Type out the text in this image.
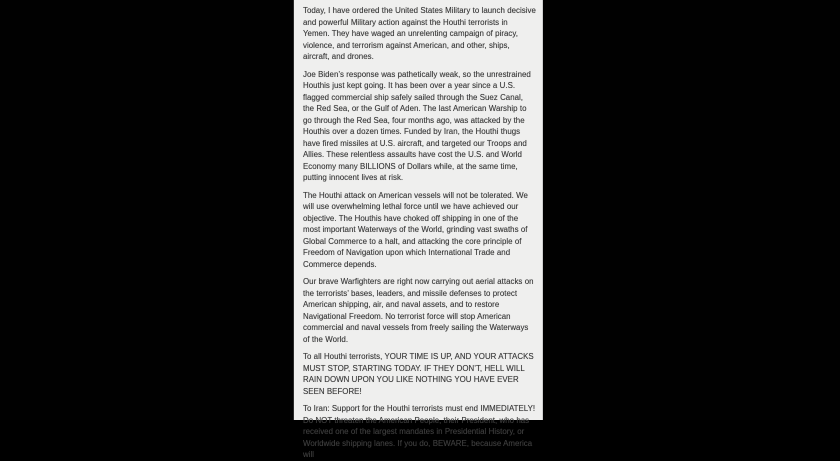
Today, I have ordered the United States Military to launch decisive and powerful Military action against the Houthi terrorists in Yemen. They have waged an unrelenting campaign of piracy, violence, and terrorism against American, and other, ships, aircraft, and drones.

Joe Biden’s response was pathetically weak, so the unrestrained Houthis just kept going. It has been over a year since a U.S. flagged commercial ship safely sailed through the Suez Canal, the Red Sea, or the Gulf of Aden. The last American Warship to go through the Red Sea, four months ago, was attacked by the Houthis over a dozen times. Funded by Iran, the Houthi thugs have fired missiles at U.S. aircraft, and targeted our Troops and Allies. These relentless assaults have cost the U.S. and World Economy many BILLIONS of Dollars while, at the same time, putting innocent lives at risk.

The Houthi attack on American vessels will not be tolerated. We will use overwhelming lethal force until we have achieved our objective. The Houthis have choked off shipping in one of the most important Waterways of the World, grinding vast swaths of Global Commerce to a halt, and attacking the core principle of Freedom of Navigation upon which International Trade and Commerce depends.

Our brave Warfighters are right now carrying out aerial attacks on the terrorists’ bases, leaders, and missile defenses to protect American shipping, air, and naval assets, and to restore Navigational Freedom. No terrorist force will stop American commercial and naval vessels from freely sailing the Waterways of the World.

To all Houthi terrorists, YOUR TIME IS UP, AND YOUR ATTACKS MUST STOP, STARTING TODAY. IF THEY DON’T, HELL WILL RAIN DOWN UPON YOU LIKE NOTHING YOU HAVE EVER SEEN BEFORE!

To Iran: Support for the Houthi terrorists must end IMMEDIATELY! Do NOT threaten the American People, their President, who has received one of the largest mandates in Presidential History, or Worldwide shipping lanes. If you do, BEWARE, because America will
